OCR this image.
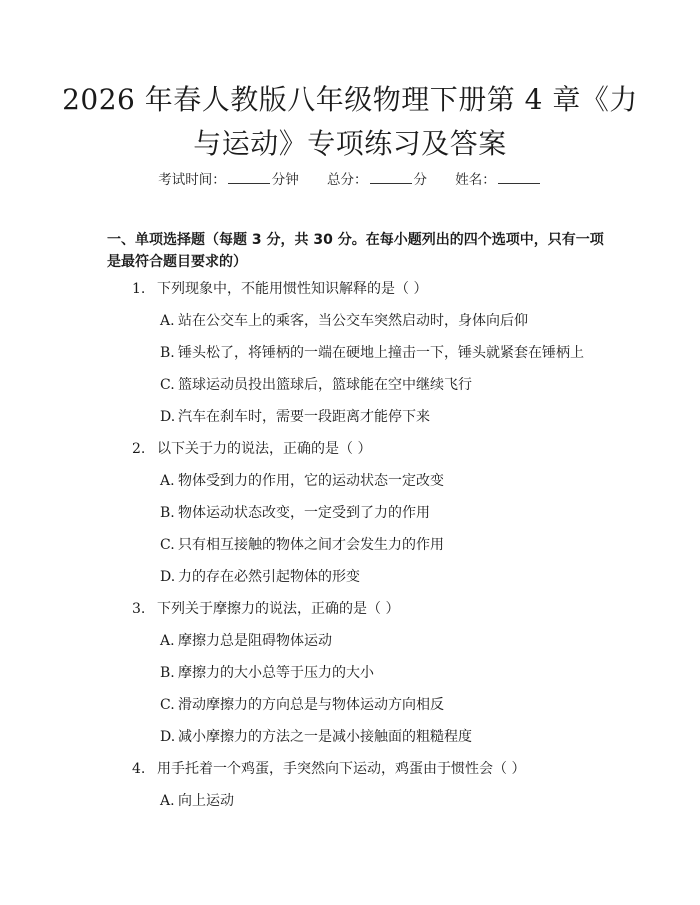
2026 年春人教版八年级物理下册第 4 章《力与运动》专项练习及答案
考试时间：	分钟 总分：	分 姓名：
一、单项选择题（每题 3 分，共 30 分。在每小题列出的四个选项中，只有一项是最符合题目要求的）
1. 下列现象中，不能用惯性知识解释的是（ ）
A. 站在公交车上的乘客，当公交车突然启动时，身体向后仰
B. 锤头松了，将锤柄的一端在硬地上撞击一下，锤头就紧套在锤柄上
C. 篮球运动员投出篮球后，篮球能在空中继续飞行
D. 汽车在刹车时，需要一段距离才能停下来
2. 以下关于力的说法，正确的是（ ）
A. 物体受到力的作用，它的运动状态一定改变
B. 物体运动状态改变，一定受到了力的作用
C. 只有相互接触的物体之间才会发生力的作用
D. 力的存在必然引起物体的形变
3. 下列关于摩擦力的说法，正确的是（ ）
A. 摩擦力总是阻碍物体运动
B. 摩擦力的大小总等于压力的大小
C. 滑动摩擦力的方向总是与物体运动方向相反
D. 减小摩擦力的方法之一是减小接触面的粗糙程度
4. 用手托着一个鸡蛋，手突然向下运动，鸡蛋由于惯性会（ ）
A. 向上运动
